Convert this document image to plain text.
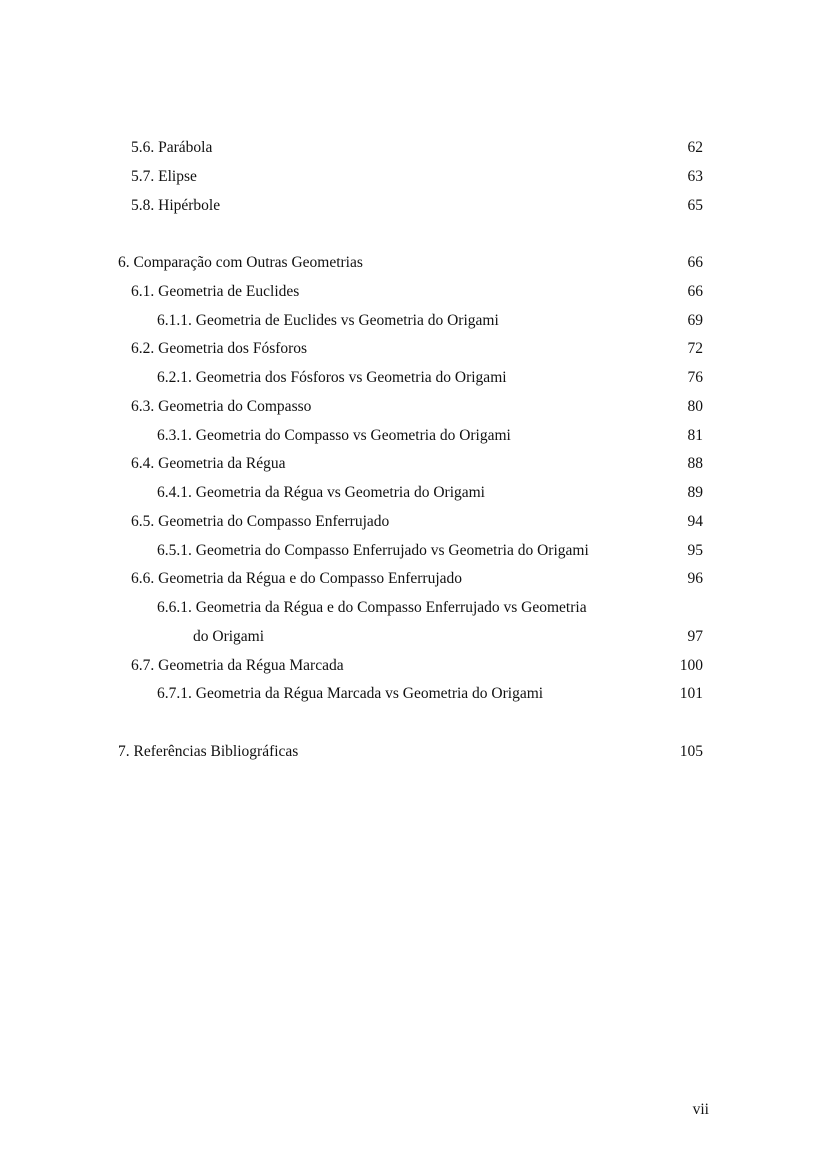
5.6. Parábola	62
5.7. Elipse	63
5.8. Hipérbole	65
6. Comparação com Outras Geometrias	66
6.1. Geometria de Euclides	66
6.1.1. Geometria de Euclides vs Geometria do Origami	69
6.2. Geometria dos Fósforos	72
6.2.1. Geometria dos Fósforos vs Geometria do Origami	76
6.3. Geometria do Compasso	80
6.3.1. Geometria do Compasso vs Geometria do Origami	81
6.4. Geometria da Régua	88
6.4.1. Geometria da Régua vs Geometria do Origami	89
6.5. Geometria do Compasso Enferrujado	94
6.5.1. Geometria do Compasso Enferrujado vs Geometria do Origami	95
6.6. Geometria da Régua e do Compasso Enferrujado	96
6.6.1. Geometria da Régua e do Compasso Enferrujado vs Geometria
do Origami	97
6.7. Geometria da Régua Marcada	100
6.7.1. Geometria da Régua Marcada vs Geometria do Origami	101
7. Referências Bibliográficas	105
vii
